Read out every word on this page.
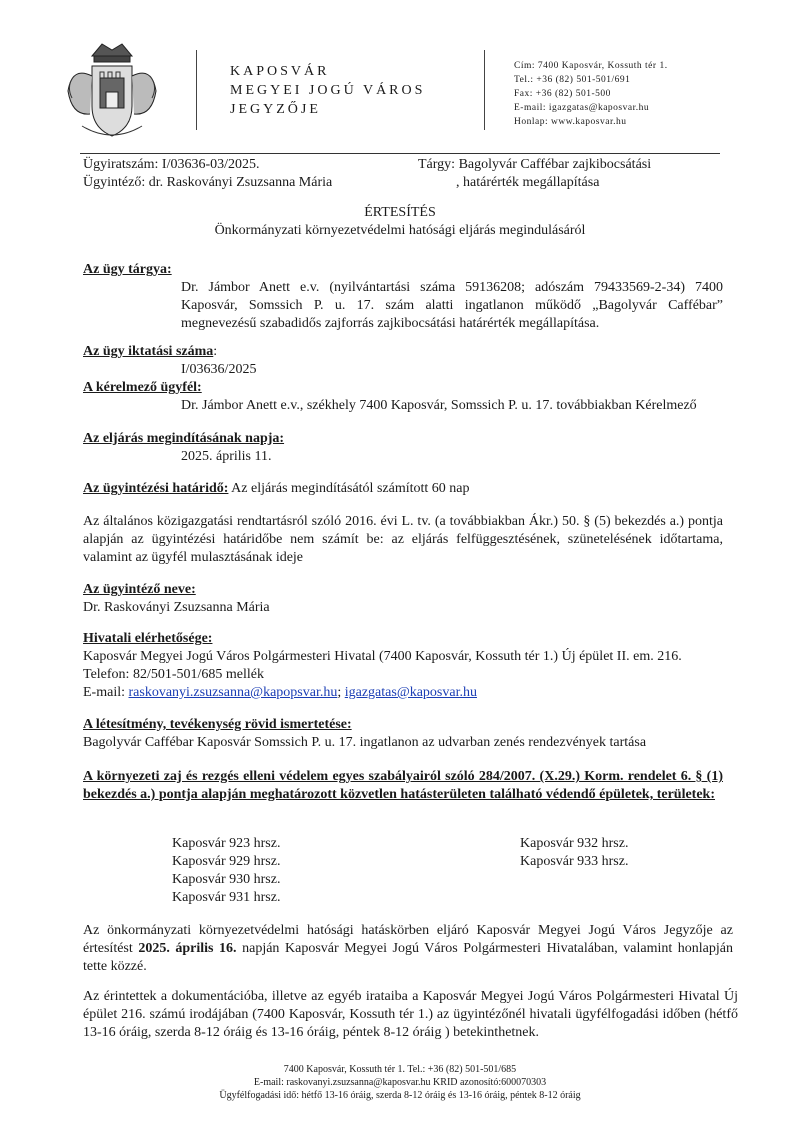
KAPOSVÁR
MEGYEI JOGÚ VÁROS
JEGYZŐJE
Cím: 7400 Kaposvár, Kossuth tér 1.
Tel.: +36 (82) 501-501/691
Fax: +36 (82) 501-500
E-mail: igazgatas@kaposvar.hu
Honlap: www.kaposvar.hu
Ügyiratszám: I/03636-03/2025.
Ügyintéző: dr. Raskoványi Zsuzsanna Mária
Tárgy: Bagolyvár Caffébar zajkibocsátási
, határérték megállapítása
ÉRTESÍTÉS
Önkormányzati környezetvédelmi hatósági eljárás megindulásáról
Az ügy tárgya:
Dr. Jámbor Anett e.v. (nyilvántartási száma 59136208; adószám 79433569-2-34) 7400 Kaposvár, Somssich P. u. 17. szám alatti ingatlanon működő „Bagolyvár Caffébar” megnevezésű szabadidős zajforrás zajkibocsátási határérték megállapítása.
Az ügy iktatási száma:
I/03636/2025
A kérelmező ügyfél:
Dr. Jámbor Anett e.v., székhely 7400 Kaposvár, Somssich P. u. 17. továbbiakban Kérelmező
Az eljárás megindításának napja:
2025. április 11.
Az ügyintézési határidő: Az eljárás megindításától számított 60 nap
Az általános közigazgatási rendtartásról szóló 2016. évi L. tv. (a továbbiakban Ákr.) 50. § (5) bekezdés a.) pontja alapján az ügyintézési határidőbe nem számít be: az eljárás felfüggesztésének, szünetelésének időtartama, valamint az ügyfél mulasztásának ideje
Az ügyintéző neve:
Dr. Raskoványi Zsuzsanna Mária
Hivatali elérhetősége:
Kaposvár Megyei Jogú Város Polgármesteri Hivatal (7400 Kaposvár, Kossuth tér 1.) Új épület II. em. 216.
Telefon: 82/501-501/685 mellék
E-mail: raskovanyi.zsuzsanna@kapopsvar.hu; igazgatas@kaposvar.hu
A létesítmény, tevékenység rövid ismertetése:
Bagolyvár Caffébar Kaposvár Somssich P. u. 17. ingatlanon az udvarban zenés rendezvények tartása
A környezeti zaj és rezgés elleni védelem egyes szabályairól szóló 284/2007. (X.29.) Korm. rendelet 6. § (1) bekezdés a.) pontja alapján meghatározott közvetlen hatásterületen található védendő épületek, területek:
Kaposvár 923 hrsz.
Kaposvár 929 hrsz.
Kaposvár 930 hrsz.
Kaposvár 931 hrsz.
Kaposvár 932 hrsz.
Kaposvár 933 hrsz.
Az önkormányzati környezetvédelmi hatósági hatáskörben eljáró Kaposvár Megyei Jogú Város Jegyzője az értesítést 2025. április 16. napján Kaposvár Megyei Jogú Város Polgármesteri Hivatalában, valamint honlapján tette közzé.
Az érintettek a dokumentációba, illetve az egyéb irataiba a Kaposvár Megyei Jogú Város Polgármesteri Hivatal Új épület 216. számú irodájában (7400 Kaposvár, Kossuth tér 1.) az ügyintézőnél hivatali ügyfélfogadási időben (hétfő 13-16 óráig, szerda 8-12 óráig és 13-16 óráig, péntek 8-12 óráig ) betekinthetnek.
7400 Kaposvár, Kossuth tér 1. Tel.: +36 (82) 501-501/685
E-mail: raskovanyi.zsuzsanna@kaposvar.hu KRID azonosító:600070303
Ügyfélfogadási idő: hétfő 13-16 óráig, szerda 8-12 óráig és 13-16 óráig, péntek 8-12 óráig
